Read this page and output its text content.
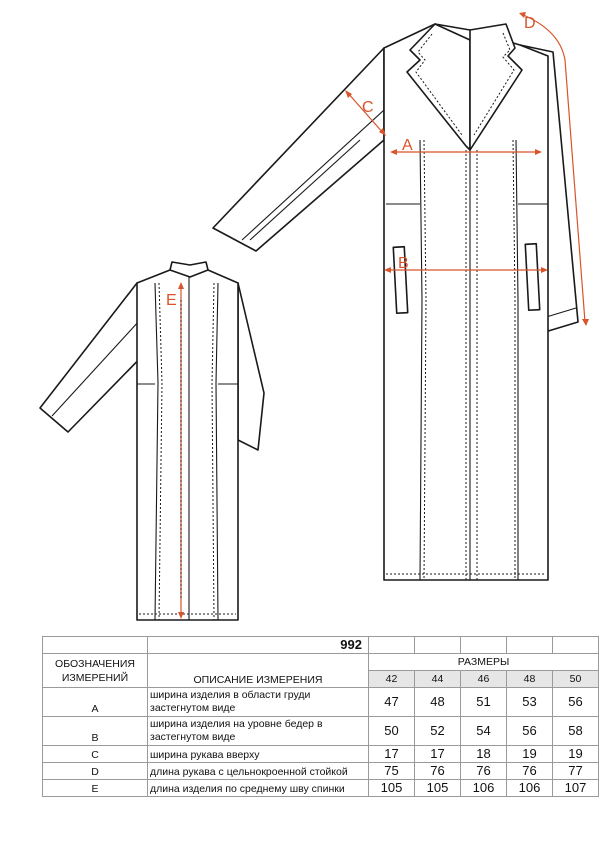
A
B
C
D
E
	992					

ОБОЗНАЧЕНИЯ
ИЗМЕРЕНИЙ	ОПИСАНИЕ ИЗМЕРЕНИЯ	РАЗМЕРЫ				
		42	44	46	48	50
A	ширина изделия в области груди
застегнутом виде	47	48	51	53	56
B	ширина изделия на уровне бедер в
застегнутом виде	50	52	54	56	58
C	ширина рукава вверху	17	17	18	19	19
D	длина рукава с цельнокроенной стойкой	75	76	76	76	77
E	длина изделия по среднему шву спинки	105	105	106	106	107
